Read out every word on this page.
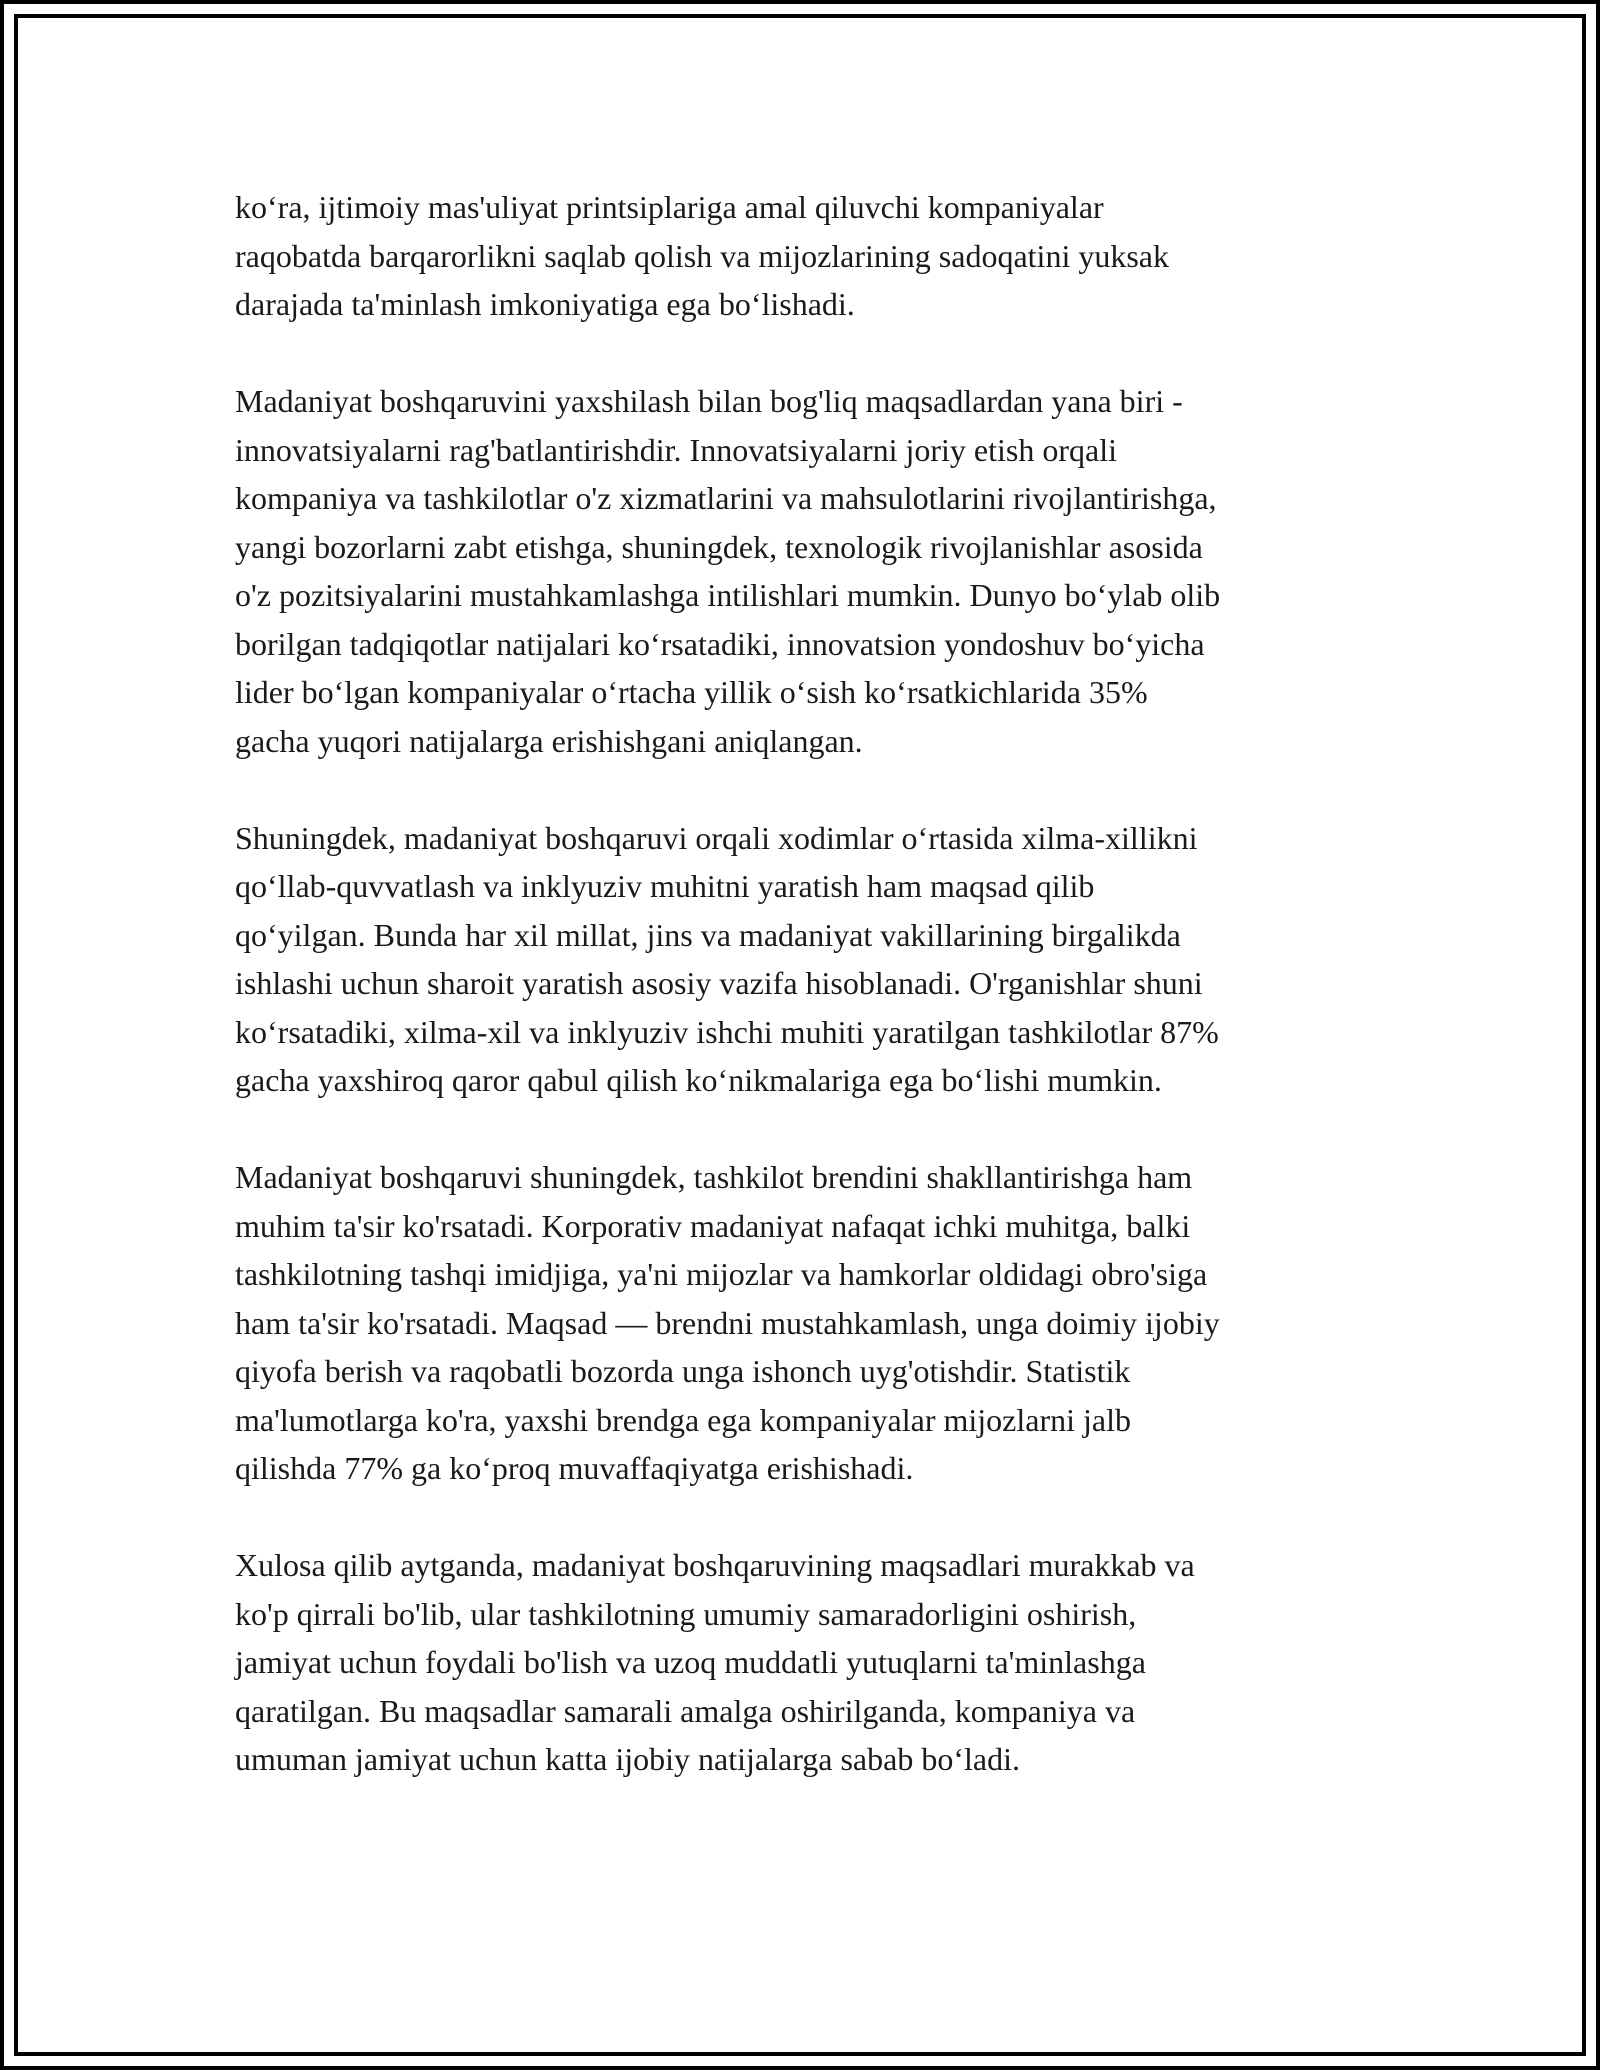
ko‘ra, ijtimoiy mas'uliyat printsiplariga amal qiluvchi kompaniyalar
raqobatda barqarorlikni saqlab qolish va mijozlarining sadoqatini yuksak
darajada ta'minlash imkoniyatiga ega bo‘lishadi.

Madaniyat boshqaruvini yaxshilash bilan bog'liq maqsadlardan yana biri -
innovatsiyalarni rag'batlantirishdir. Innovatsiyalarni joriy etish orqali
kompaniya va tashkilotlar o'z xizmatlarini va mahsulotlarini rivojlantirishga,
yangi bozorlarni zabt etishga, shuningdek, texnologik rivojlanishlar asosida
o'z pozitsiyalarini mustahkamlashga intilishlari mumkin. Dunyo bo‘ylab olib
borilgan tadqiqotlar natijalari ko‘rsatadiki, innovatsion yondoshuv bo‘yicha
lider bo‘lgan kompaniyalar o‘rtacha yillik o‘sish ko‘rsatkichlarida 35%
gacha yuqori natijalarga erishishgani aniqlangan.

Shuningdek, madaniyat boshqaruvi orqali xodimlar o‘rtasida xilma-xillikni
qo‘llab-quvvatlash va inklyuziv muhitni yaratish ham maqsad qilib
qo‘yilgan. Bunda har xil millat, jins va madaniyat vakillarining birgalikda
ishlashi uchun sharoit yaratish asosiy vazifa hisoblanadi. O'rganishlar shuni
ko‘rsatadiki, xilma-xil va inklyuziv ishchi muhiti yaratilgan tashkilotlar 87%
gacha yaxshiroq qaror qabul qilish ko‘nikmalariga ega bo‘lishi mumkin.

Madaniyat boshqaruvi shuningdek, tashkilot brendini shakllantirishga ham
muhim ta'sir ko'rsatadi. Korporativ madaniyat nafaqat ichki muhitga, balki
tashkilotning tashqi imidjiga, ya'ni mijozlar va hamkorlar oldidagi obro'siga
ham ta'sir ko'rsatadi. Maqsad — brendni mustahkamlash, unga doimiy ijobiy
qiyofa berish va raqobatli bozorda unga ishonch uyg'otishdir. Statistik
ma'lumotlarga ko'ra, yaxshi brendga ega kompaniyalar mijozlarni jalb
qilishda 77% ga ko‘proq muvaffaqiyatga erishishadi.

Xulosa qilib aytganda, madaniyat boshqaruvining maqsadlari murakkab va
ko'p qirrali bo'lib, ular tashkilotning umumiy samaradorligini oshirish,
jamiyat uchun foydali bo'lish va uzoq muddatli yutuqlarni ta'minlashga
qaratilgan. Bu maqsadlar samarali amalga oshirilganda, kompaniya va
umuman jamiyat uchun katta ijobiy natijalarga sabab bo‘ladi.
